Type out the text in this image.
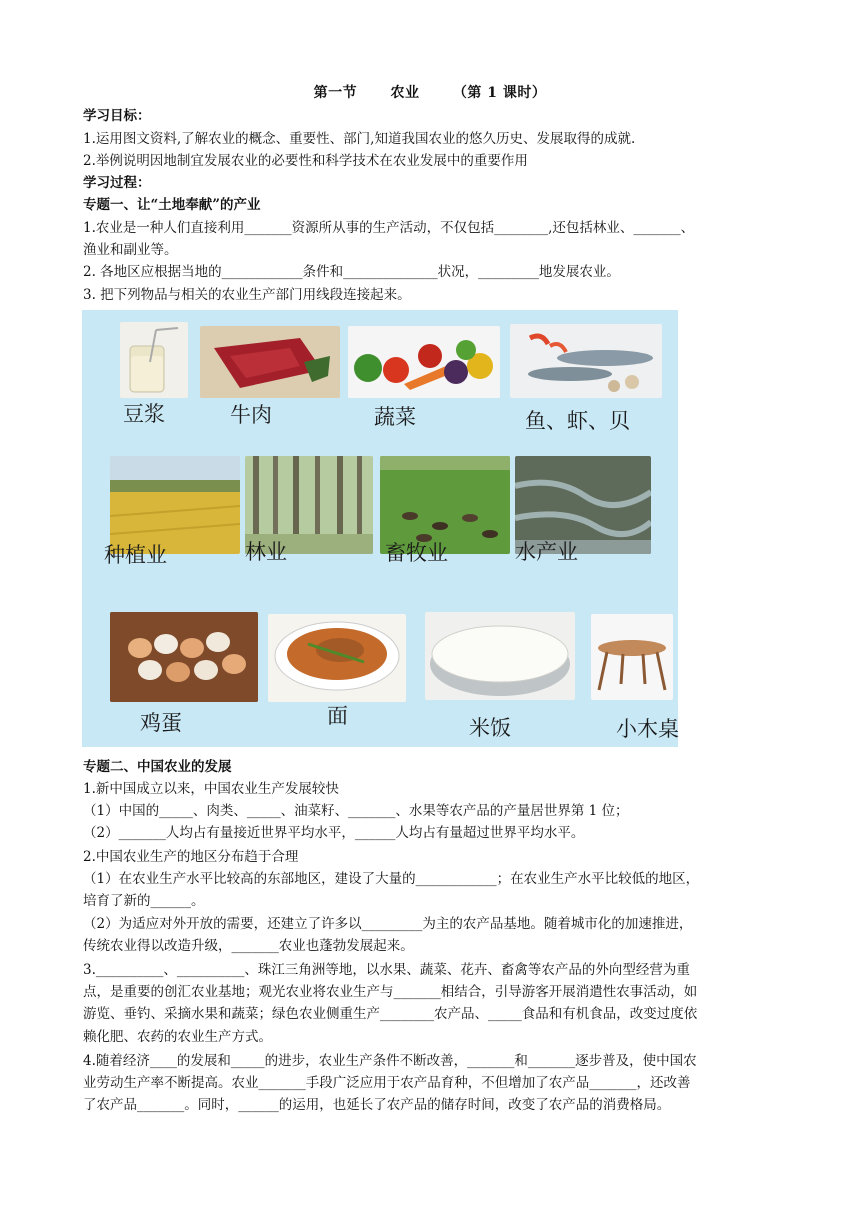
第一节 农业 （第 1 课时）
学习目标：
1.运用图文资料,了解农业的概念、重要性、部门,知道我国农业的悠久历史、发展取得的成就.
2.举例说明因地制宜发展农业的必要性和科学技术在农业发展中的重要作用
学习过程：
专题一、让“土地奉献”的产业
1.农业是一种人们直接利用_______资源所从事的生产活动，不仅包括________,还包括林业、_______、
渔业和副业等。
2. 各地区应根据当地的____________条件和______________状况，_________地发展农业。
3. 把下列物品与相关的农业生产部门用线段连接起来。
豆浆	牛肉	蔬菜	鱼、虾、贝
种植业	林业	畜牧业	水产业
鸡蛋	面	米饭	小木桌
专题二、中国农业的发展
1.新中国成立以来，中国农业生产发展较快
（1）中国的_____、肉类、_____、油菜籽、_______、水果等农产品的产量居世界第 1 位；
（2）_______人均占有量接近世界平均水平，______人均占有量超过世界平均水平。
2.中国农业生产的地区分布趋于合理
（1）在农业生产水平比较高的东部地区，建设了大量的____________；在农业生产水平比较低的地区，
培育了新的______。
（2）为适应对外开放的需要，还建立了许多以_________为主的农产品基地。随着城市化的加速推进，
传统农业得以改造升级，_______农业也蓬勃发展起来。
3.__________、__________、珠江三角洲等地，以水果、蔬菜、花卉、畜禽等农产品的外向型经营为重
点，是重要的创汇农业基地；观光农业将农业生产与_______相结合，引导游客开展消遣性农事活动，如
游览、垂钓、采摘水果和蔬菜；绿色农业侧重生产________农产品、_____食品和有机食品，改变过度依
赖化肥、农药的农业生产方式。
4.随着经济____的发展和_____的进步，农业生产条件不断改善，_______和_______逐步普及，使中国农
业劳动生产率不断提高。农业_______手段广泛应用于农产品育种，不但增加了农产品_______，还改善
了农产品_______。同时，______的运用，也延长了农产品的储存时间，改变了农产品的消费格局。
